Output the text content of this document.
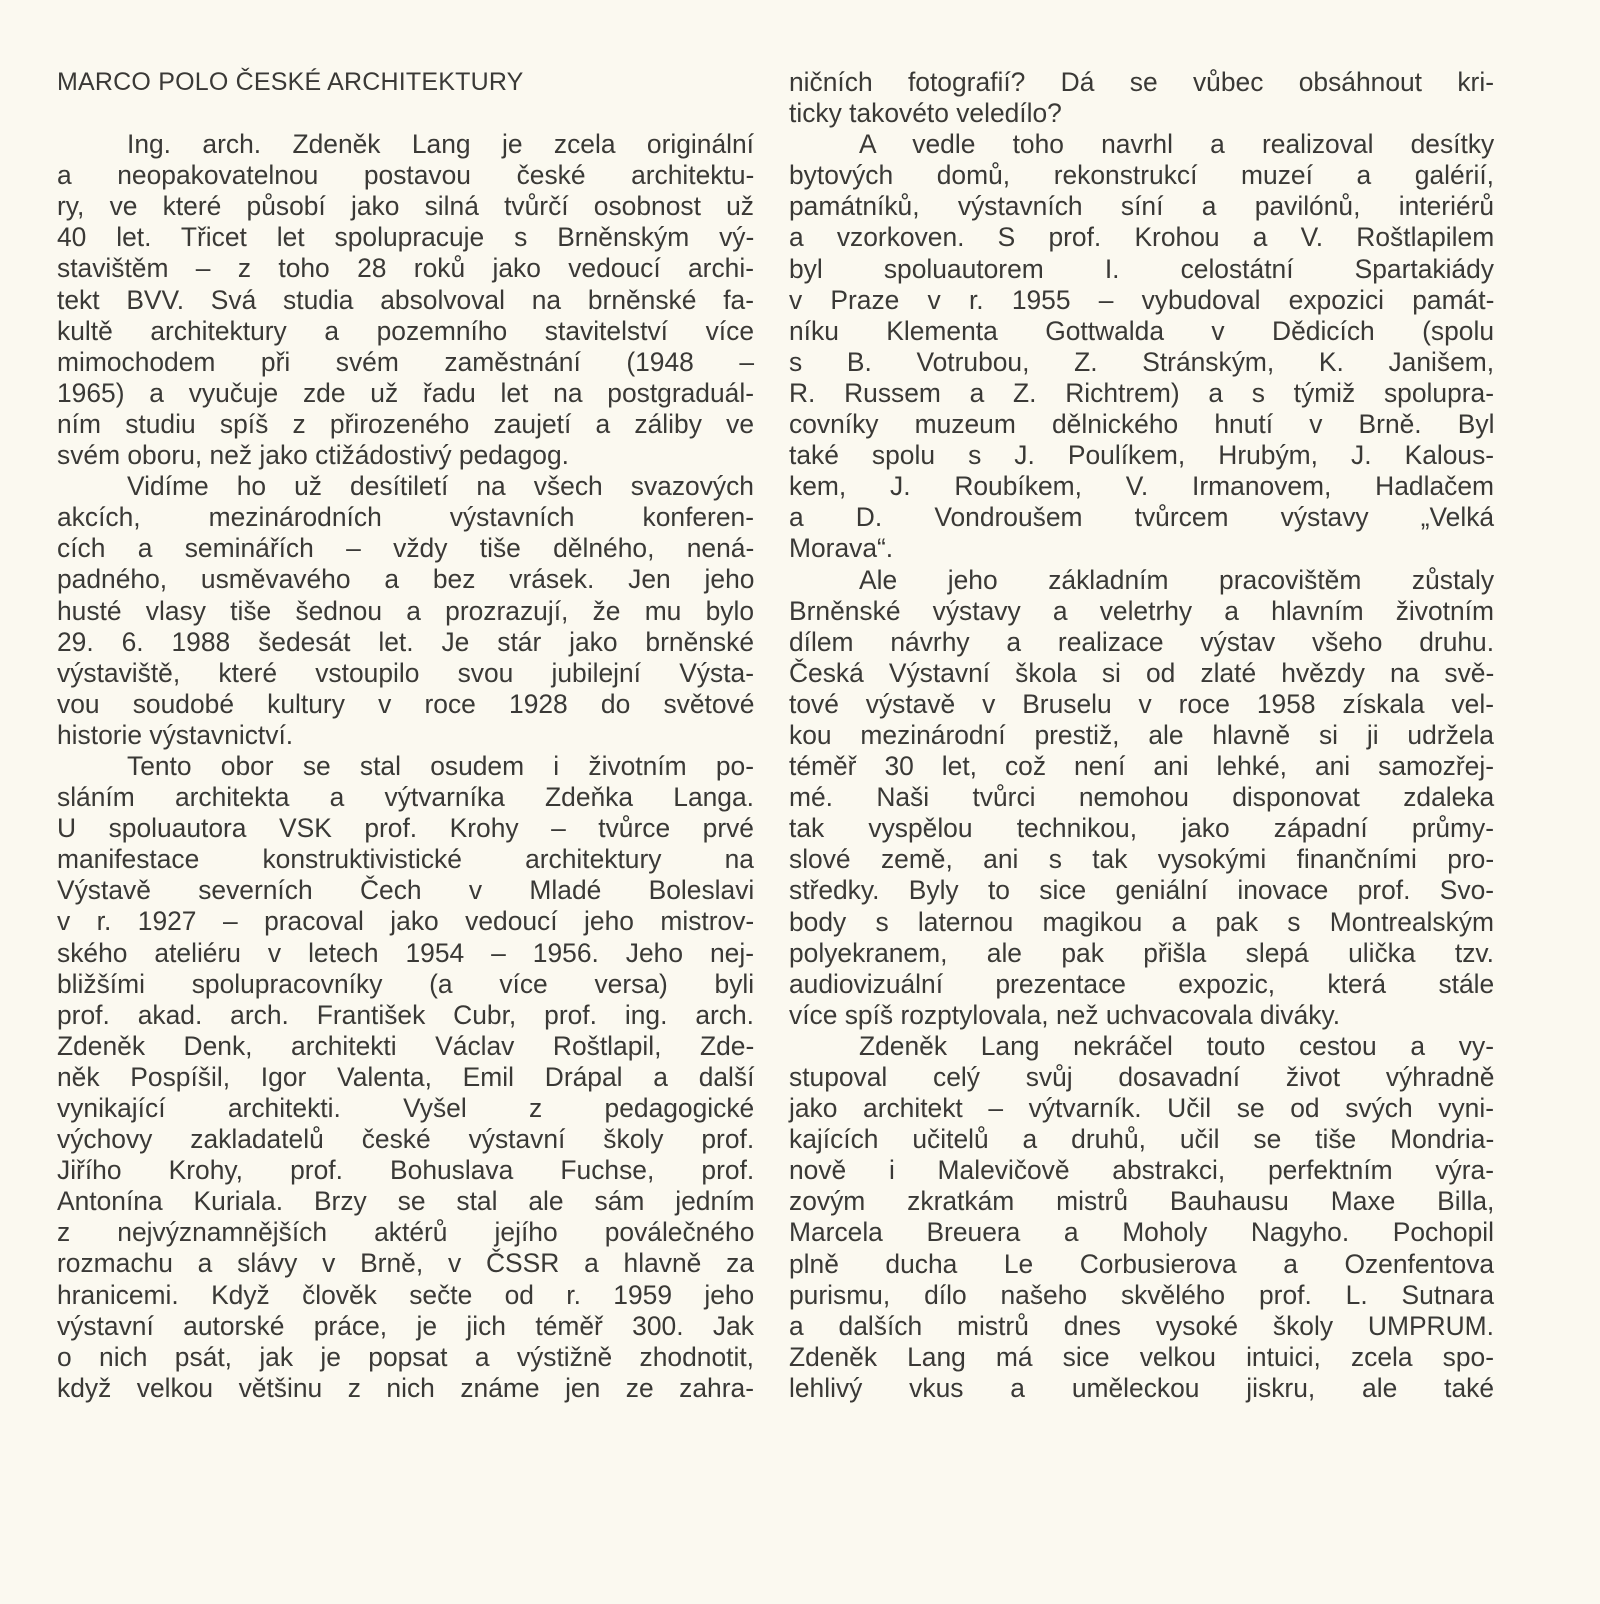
MARCO POLO ČESKÉ ARCHITEKTURY
Ing. arch. Zdeněk Lang je zcela originální
a neopakovatelnou postavou české architektu-
ry, ve které působí jako silná tvůrčí osobnost už
40 let. Třicet let spolupracuje s Brněnským vý-
stavištěm – z toho 28 roků jako vedoucí archi-
tekt BVV. Svá studia absolvoval na brněnské fa-
kultě architektury a pozemního stavitelství více
mimochodem při svém zaměstnání (1948 –
1965) a vyučuje zde už řadu let na postgraduál-
ním studiu spíš z přirozeného zaujetí a záliby ve
svém oboru, než jako ctižádostivý pedagog.
Vidíme ho už desítiletí na všech svazových
akcích, mezinárodních výstavních konferen-
cích a seminářích – vždy tiše dělného, nená-
padného, usměvavého a bez vrásek. Jen jeho
husté vlasy tiše šednou a prozrazují, že mu bylo
29. 6. 1988 šedesát let. Je stár jako brněnské
výstaviště, které vstoupilo svou jubilejní Výsta-
vou soudobé kultury v roce 1928 do světové
historie výstavnictví.
Tento obor se stal osudem i životním po-
sláním architekta a výtvarníka Zdeňka Langa.
U spoluautora VSK prof. Krohy – tvůrce prvé
manifestace konstruktivistické architektury na
Výstavě severních Čech v Mladé Boleslavi
v r. 1927 – pracoval jako vedoucí jeho mistrov-
ského ateliéru v letech 1954 – 1956. Jeho nej-
bližšími spolupracovníky (a více versa) byli
prof. akad. arch. František Cubr, prof. ing. arch.
Zdeněk Denk, architekti Václav Roštlapil, Zde-
něk Pospíšil, Igor Valenta, Emil Drápal a další
vynikající architekti. Vyšel z pedagogické
výchovy zakladatelů české výstavní školy prof.
Jiřího Krohy, prof. Bohuslava Fuchse, prof.
Antonína Kuriala. Brzy se stal ale sám jedním
z nejvýznamnějších aktérů jejího poválečného
rozmachu a slávy v Brně, v ČSSR a hlavně za
hranicemi. Když člověk sečte od r. 1959 jeho
výstavní autorské práce, je jich téměř 300. Jak
o nich psát, jak je popsat a výstižně zhodnotit,
když velkou většinu z nich známe jen ze zahra-
ničních fotografií? Dá se vůbec obsáhnout kri-
ticky takovéto veledílo?
A vedle toho navrhl a realizoval desítky
bytových domů, rekonstrukcí muzeí a galérií,
památníků, výstavních síní a pavilónů, interiérů
a vzorkoven. S prof. Krohou a V. Roštlapilem
byl spoluautorem I. celostátní Spartakiády
v Praze v r. 1955 – vybudoval expozici památ-
níku Klementa Gottwalda v Dědicích (spolu
s B. Votrubou, Z. Stránským, K. Janišem,
R. Russem a Z. Richtrem) a s týmiž spolupra-
covníky muzeum dělnického hnutí v Brně. Byl
také spolu s J. Poulíkem, Hrubým, J. Kalous-
kem, J. Roubíkem, V. Irmanovem, Hadlačem
a D. Vondroušem tvůrcem výstavy „Velká
Morava“.
Ale jeho základním pracovištěm zůstaly
Brněnské výstavy a veletrhy a hlavním životním
dílem návrhy a realizace výstav všeho druhu.
Česká Výstavní škola si od zlaté hvězdy na svě-
tové výstavě v Bruselu v roce 1958 získala vel-
kou mezinárodní prestiž, ale hlavně si ji udržela
téměř 30 let, což není ani lehké, ani samozřej-
mé. Naši tvůrci nemohou disponovat zdaleka
tak vyspělou technikou, jako západní průmy-
slové země, ani s tak vysokými finančními pro-
středky. Byly to sice geniální inovace prof. Svo-
body s laternou magikou a pak s Montrealským
polyekranem, ale pak přišla slepá ulička tzv.
audiovizuální prezentace expozic, která stále
více spíš rozptylovala, než uchvacovala diváky.
Zdeněk Lang nekráčel touto cestou a vy-
stupoval celý svůj dosavadní život výhradně
jako architekt – výtvarník. Učil se od svých vyni-
kajících učitelů a druhů, učil se tiše Mondria-
nově i Malevičově abstrakci, perfektním výra-
zovým zkratkám mistrů Bauhausu Maxe Billa,
Marcela Breuera a Moholy Nagyho. Pochopil
plně ducha Le Corbusierova a Ozenfentova
purismu, dílo našeho skvělého prof. L. Sutnara
a dalších mistrů dnes vysoké školy UMPRUM.
Zdeněk Lang má sice velkou intuici, zcela spo-
lehlivý vkus a uměleckou jiskru, ale také
